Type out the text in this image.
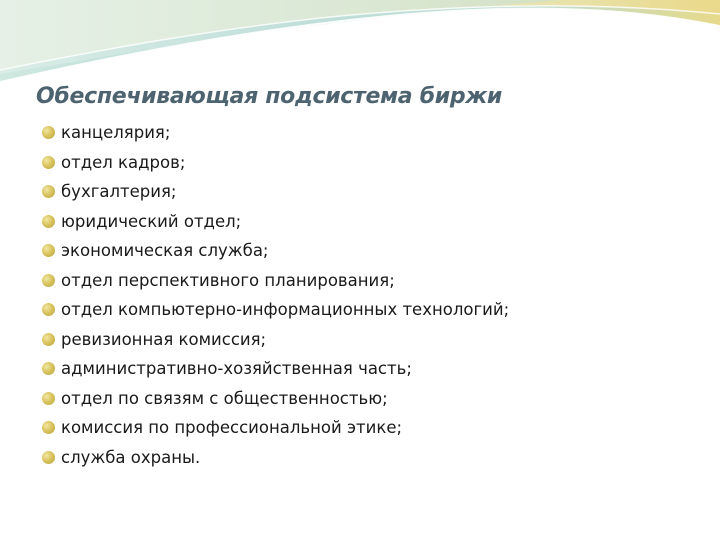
Обеспечивающая подсистема биржи
канцелярия;
отдел кадров;
бухгалтерия;
юридический отдел;
экономическая служба;
отдел перспективного планирования;
отдел компьютерно-информационных технологий;
ревизионная комиссия;
административно-хозяйственная часть;
отдел по связям с общественностью;
комиссия по профессиональной этике;
служба охраны.
